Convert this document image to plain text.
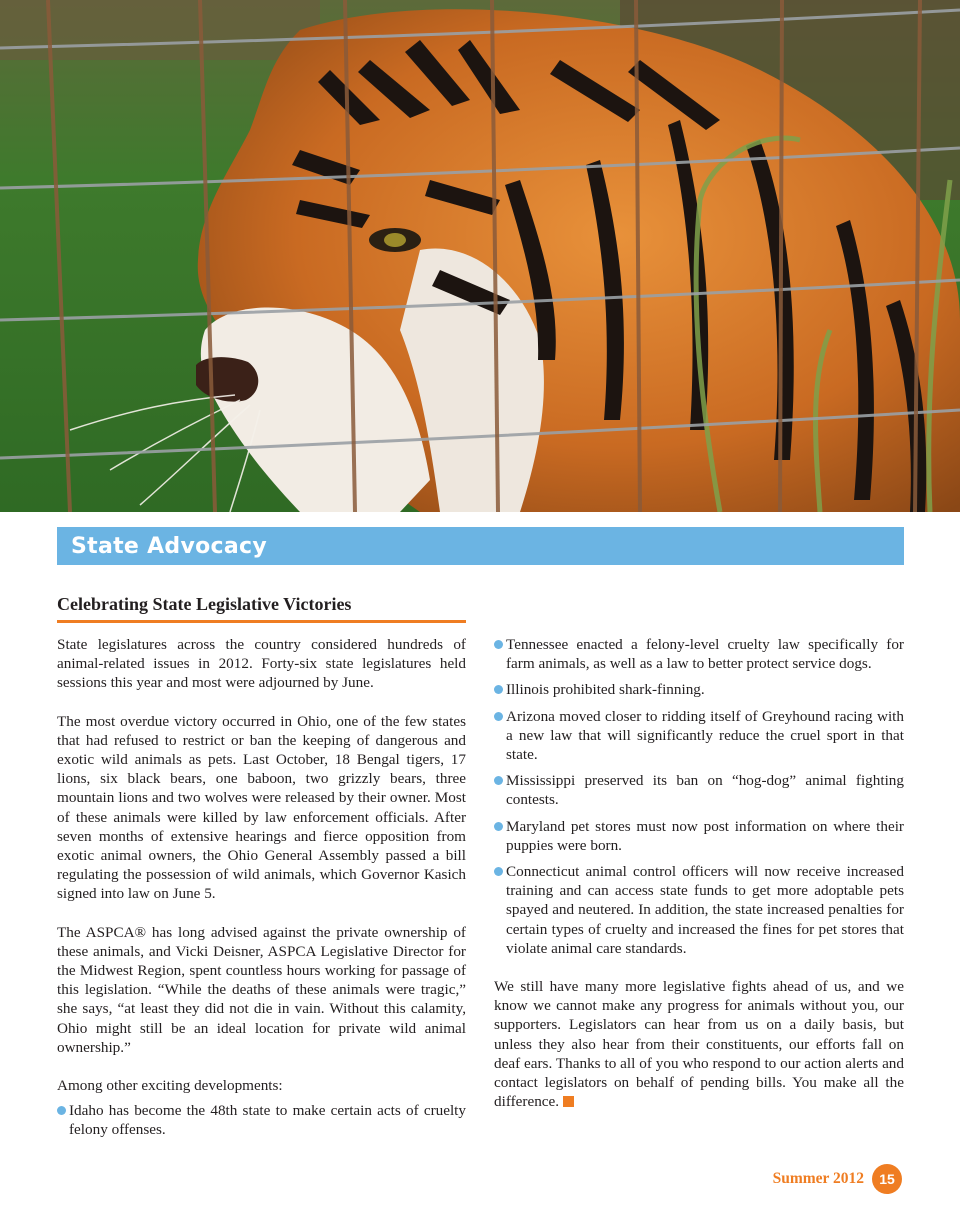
State Advocacy
Celebrating State Legislative Victories

State legislatures across the country considered hundreds of animal-related issues in 2012. Forty-six state legislatures held sessions this year and most were adjourned by June.

The most overdue victory occurred in Ohio, one of the few states that had refused to restrict or ban the keeping of dangerous and exotic wild animals as pets. Last October, 18 Bengal tigers, 17 lions, six black bears, one baboon, two grizzly bears, three mountain lions and two wolves were released by their owner. Most of these animals were killed by law enforcement officials. After seven months of extensive hearings and fierce opposition from exotic animal owners, the Ohio General Assembly passed a bill regulating the possession of wild animals, which Governor Kasich signed into law on June 5.

The ASPCA® has long advised against the private ownership of these animals, and Vicki Deisner, ASPCA Legislative Director for the Midwest Region, spent countless hours working for passage of this legislation. “While the deaths of these animals were tragic,” she says, “at least they did not die in vain. Without this calamity, Ohio might still be an ideal location for private wild animal ownership.”

Among other exciting developments:

Idaho has become the 48th state to make certain acts of cruelty felony offenses.
Tennessee enacted a felony-level cruelty law specifically for farm animals, as well as a law to better protect service dogs.
Illinois prohibited shark-finning.
Arizona moved closer to ridding itself of Greyhound racing with a new law that will significantly reduce the cruel sport in that state.
Mississippi preserved its ban on “hog-dog” animal fighting contests.
Maryland pet stores must now post information on where their puppies were born.
Connecticut animal control officers will now receive increased training and can access state funds to get more adoptable pets spayed and neutered. In addition, the state increased penalties for certain types of cruelty and increased the fines for pet stores that violate animal care standards.

We still have many more legislative fights ahead of us, and we know we cannot make any progress for animals without you, our supporters. Legislators can hear from us on a daily basis, but unless they also hear from their constituents, our efforts fall on deaf ears. Thanks to all of you who respond to our action alerts and contact legislators on behalf of pending bills. You make all the difference.

Summer 2012	15
